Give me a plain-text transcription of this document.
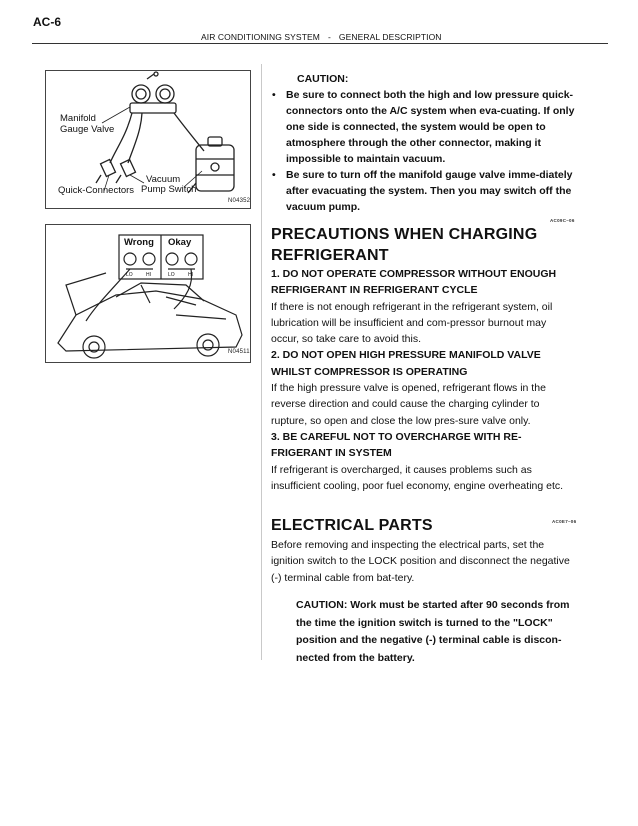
AC-6
AIR CONDITIONING SYSTEM - GENERAL DESCRIPTION
Manifold
Gauge Valve
Quick-Connectors
Vacuum
Pump Switch
N04352
Wrong Okay
LO	HI	LO	HI
N04511
CAUTION:
• Be sure to connect both the high and low pressure quick-connectors onto the A/C system when eva-cuating. If only one side is connected, the system would be open to atmosphere through the other connector, making it impossible to maintain vacuum.
• Be sure to turn off the manifold gauge valve imme-diately after evacuating the system. Then you may switch off the vacuum pump.
AC09C–06
PRECAUTIONS WHEN CHARGING REFRIGERANT

1. DO NOT OPERATE COMPRESSOR WITHOUT ENOUGH REFRIGERANT IN REFRIGERANT CYCLE

If there is not enough refrigerant in the refrigerant system, oil lubrication will be insufficient and com-pressor burnout may occur, so take care to avoid this.

2. DO NOT OPEN HIGH PRESSURE MANIFOLD VALVE WHILST COMPRESSOR IS OPERATING

If the high pressure valve is opened, refrigerant flows in the reverse direction and could cause the charging cylinder to rupture, so open and close the low pres-sure valve only.

3. BE CAREFUL NOT TO OVERCHARGE WITH RE-FRIGERANT IN SYSTEM

If refrigerant is overcharged, it causes problems such as insufficient cooling, poor fuel economy, engine overheating etc.

AC0E7–06
ELECTRICAL PARTS
Before removing and inspecting the electrical parts, set the ignition switch to the LOCK position and disconnect the negative (-) terminal cable from bat-tery.
CAUTION: Work must be started after 90 seconds from the time the ignition switch is turned to the "LOCK" position and the negative (-) terminal cable is discon-nected from the battery.
